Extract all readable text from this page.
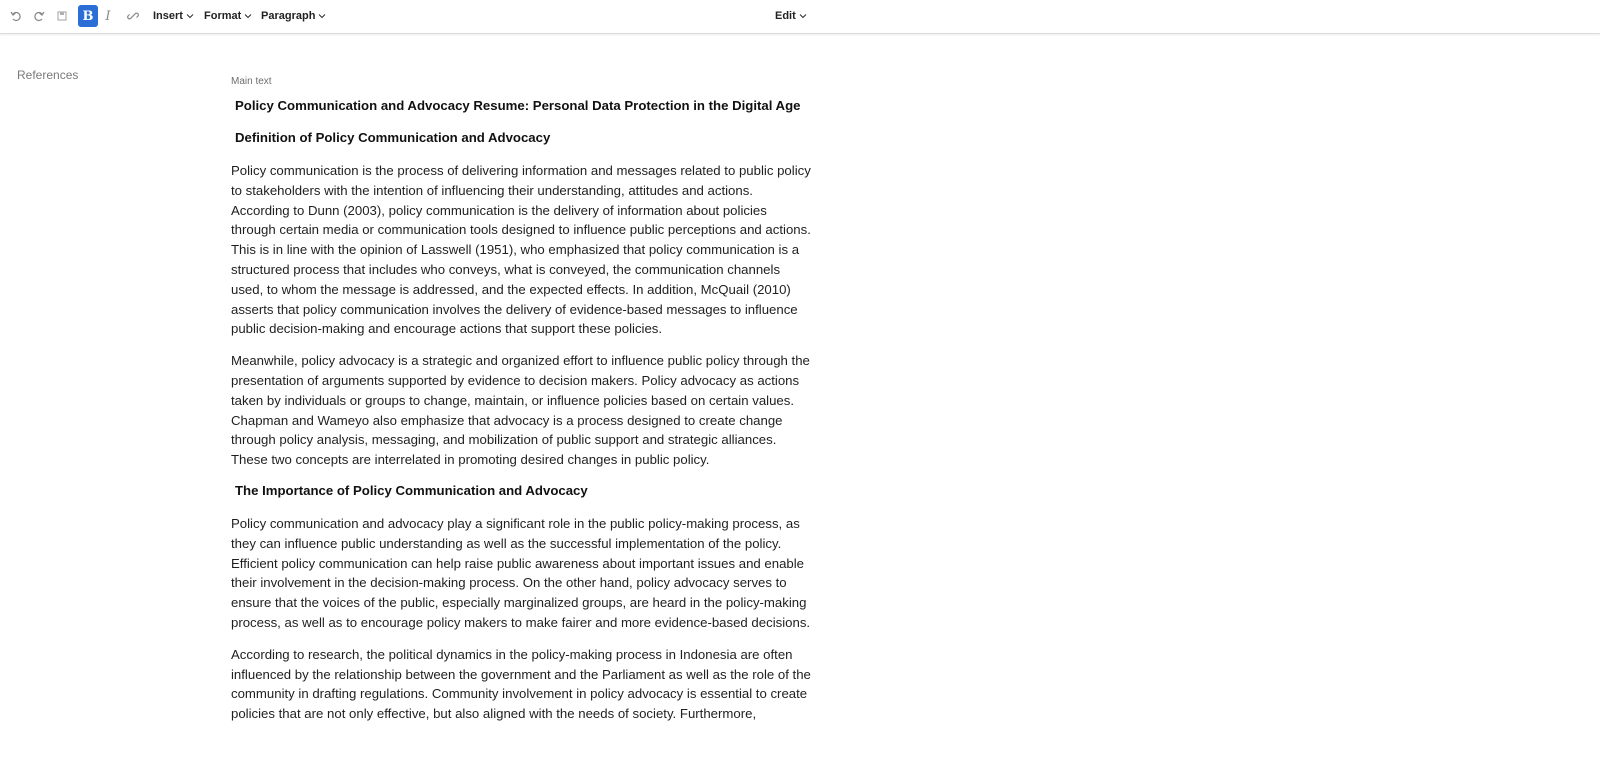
B I	Insert Format Paragraph	Edit
References	Main text
Policy Communication and Advocacy Resume: Personal Data Protection in the Digital Age
Definition of Policy Communication and Advocacy

Policy communication is the process of delivering information and messages related to public policy to stakeholders with the intention of influencing their understanding, attitudes and actions. According to Dunn (2003), policy communication is the delivery of information about policies through certain media or communication tools designed to influence public perceptions and actions. This is in line with the opinion of Lasswell (1951), who emphasized that policy communication is a structured process that includes who conveys, what is conveyed, the communication channels used, to whom the message is addressed, and the expected effects. In addition, McQuail (2010) asserts that policy communication involves the delivery of evidence-based messages to influence public decision-making and encourage actions that support these policies.

Meanwhile, policy advocacy is a strategic and organized effort to influence public policy through the presentation of arguments supported by evidence to decision makers. Policy advocacy as actions taken by individuals or groups to change, maintain, or influence policies based on certain values. Chapman and Wameyo also emphasize that advocacy is a process designed to create change through policy analysis, messaging, and mobilization of public support and strategic alliances. These two concepts are interrelated in promoting desired changes in public policy.

The Importance of Policy Communication and Advocacy

Policy communication and advocacy play a significant role in the public policy-making process, as they can influence public understanding as well as the successful implementation of the policy. Efficient policy communication can help raise public awareness about important issues and enable their involvement in the decision-making process. On the other hand, policy advocacy serves to ensure that the voices of the public, especially marginalized groups, are heard in the policy-making process, as well as to encourage policy makers to make fairer and more evidence-based decisions.

According to research, the political dynamics in the policy-making process in Indonesia are often influenced by the relationship between the government and the Parliament as well as the role of the community in drafting regulations. Community involvement in policy advocacy is essential to create policies that are not only effective, but also aligned with the needs of society. Furthermore,
